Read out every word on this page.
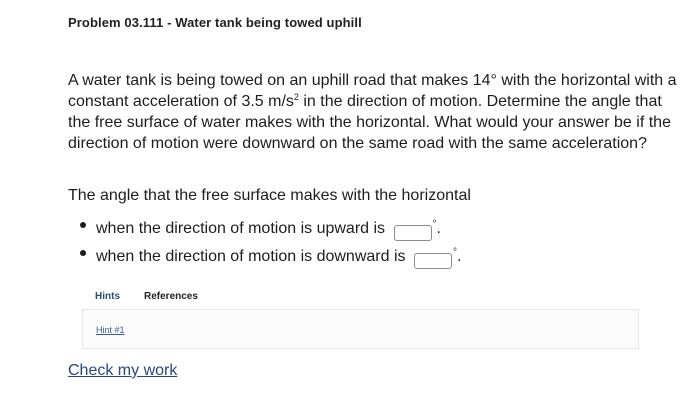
Problem 03.111 - Water tank being towed uphill
A water tank is being towed on an uphill road that makes 14° with the horizontal with a constant acceleration of 3.5 $m/s^2$ in the direction of motion. Determine the angle that the free surface of water makes with the horizontal. What would your answer be if the direction of motion were downward on the same road with the same acceleration?
The angle that the free surface makes with the horizontal
when the direction of motion is upward is	°.
when the direction of motion is downward is	°.
Hints References
Hint #1
Check my work
